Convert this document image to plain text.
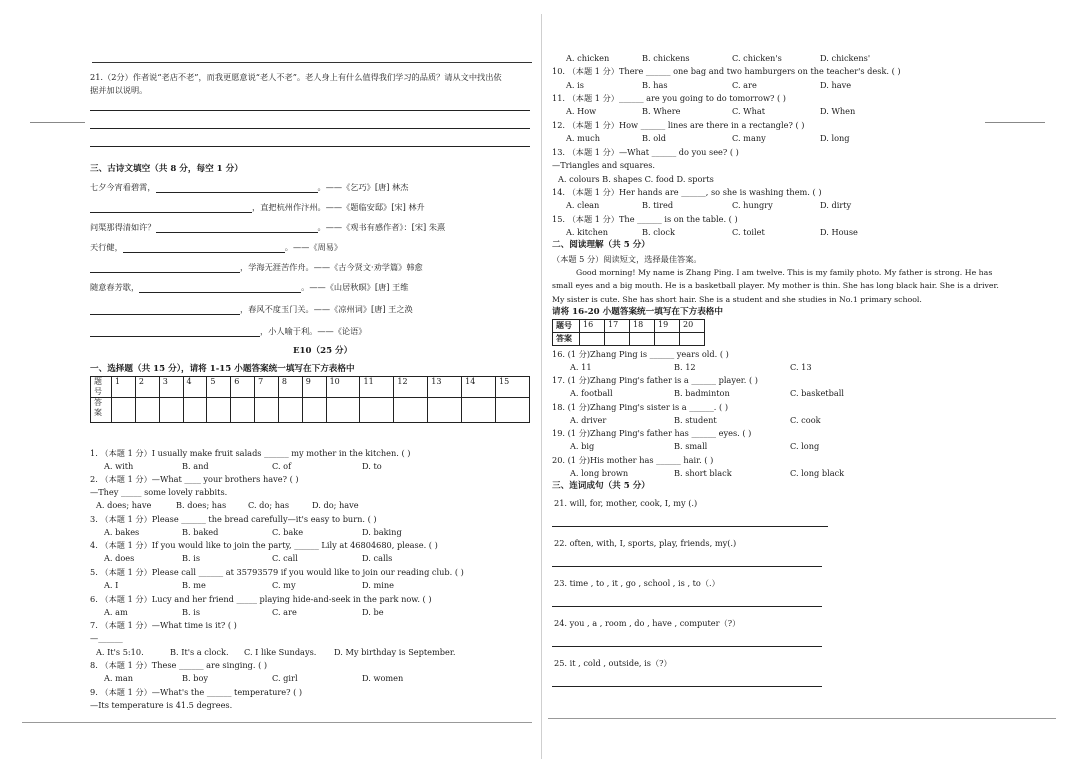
21.（2分）作者说“老店不老”，而我更愿意说“老人不老”。老人身上有什么值得我们学习的品质？请从文中找出依
据并加以说明。
三、古诗文填空（共 8 分，每空 1 分）
七夕今宵看碧霄，	。——《乞巧》[唐] 林杰
，直把杭州作汴州。——《题临安邸》[宋] 林升
问渠那得清如许？	。——《观书有感作者》：[宋] 朱熹
天行健，	。——《周易》
，学海无涯苦作舟。——《古今贤文·劝学篇》韩愈
随意春芳歇，	。——《山居秋暝》[唐] 王维
，春风不度玉门关。——《凉州词》[唐] 王之涣
，小人喻于利。——《论语》
E10（25 分）
一、选择题（共 15 分），请将 1-15 小题答案统一填写在下方表格中
题
号	1	2	3	4	5	6	7	8	9	10	11	12	13	14	15
答
案															
1. （本题 1 分）I usually make fruit salads ______ my mother in the kitchen. ( )
A. with	B. and	C. of	D. to
2. （本题 1 分）—What ____ your brothers have? ( )
—They _____ some lovely rabbits.
A. does; have	B. does; has	C. do; has	D. do; have
3. （本题 1 分）Please ______ the bread carefully—it's easy to burn. ( )
A. bakes	B. baked	C. bake	D. baking
4. （本题 1 分）If you would like to join the party, ______ Lily at 46804680, please. ( )
A. does	B. is	C. call	D. calls
5. （本题 1 分）Please call ______ at 35793579 if you would like to join our reading club. ( )
A. I	B. me	C. my	D. mine
6. （本题 1 分）Lucy and her friend _____ playing hide-and-seek in the park now. ( )
A. am	B. is	C. are	D. be
7. （本题 1 分）—What time is it? ( )
—______
A. It's 5:10.	B. It's a clock. C. I like Sundays. D. My birthday is September.
8. （本题 1 分）These ______ are singing. ( )
A. man	B. boy	C. girl	D. women
9. （本题 1 分）—What's the ______ temperature? ( )
—Its temperature is 41.5 degrees.
A. chicken	B. chickens	C. chicken's	D. chickens'
10. （本题 1 分）There ______ one bag and two hamburgers on the teacher's desk. ( )
A. is	B. has	C. are	D. have
11. （本题 1 分）______ are you going to do tomorrow? ( )
A. How	B. Where	C. What	D. When
12. （本题 1 分）How ______ lines are there in a rectangle? ( )
A. much	B. old	C. many	D. long
13. （本题 1 分）—What ______ do you see? ( )
—Triangles and squares.
A. colours B. shapes C. food D. sports
14. （本题 1 分）Her hands are ______, so she is washing them. ( )
A. clean	B. tired	C. hungry	D. dirty
15. （本题 1 分）The ______ is on the table. ( )
A. kitchen	B. clock	C. toilet	D. House
二、阅读理解（共 5 分）
（本题 5 分）阅读短文，选择最佳答案。
Good morning! My name is Zhang Ping. I am twelve. This is my family photo. My father is strong. He has small eyes and a big mouth. He is a basketball player. My mother is thin. She has long black hair. She is a driver. My sister is cute. She has short hair. She is a student and she studies in No.1 primary school.
请将 16-20 小题答案统一填写在下方表格中
题号	16	17	18	19	20
答案					
16. (1 分)Zhang Ping is ______ years old. ( )
A. 11	B. 12	C. 13
17. (1 分)Zhang Ping's father is a ______ player. ( )
A. football	B. badminton	C. basketball
18. (1 分)Zhang Ping's sister is a ______. ( )
A. driver	B. student	C. cook
19. (1 分)Zhang Ping's father has ______ eyes. ( )
A. big	B. small	C. long
20. (1 分)His mother has ______ hair. ( )
A. long brown	B. short black	C. long black
三、连词成句（共 5 分）
21. will, for, mother, cook, I, my (.)
22. often, with, I, sports, play, friends, my(.)
23. time , to , it , go , school , is , to（.）
24. you , a , room , do , have , computer（?）
25. it , cold , outside, is（?）
